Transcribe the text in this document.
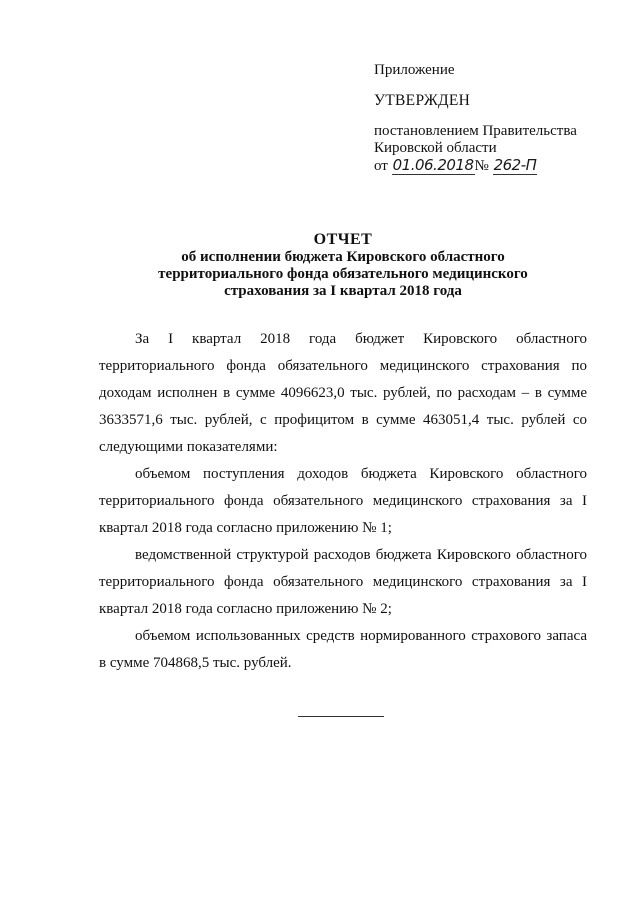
Приложение
УТВЕРЖДЕН
постановлением Правительства
Кировской области
от 01.06.2018№ 262-П
ОТЧЕТ
об исполнении бюджета Кировского областного
территориального фонда обязательного медицинского
страхования за I квартал 2018 года

За I квартал 2018 года бюджет Кировского областного территориального фонда обязательного медицинского страхования по доходам исполнен в сумме 4096623,0 тыс. рублей, по расходам – в сумме 3633571,6 тыс. рублей, с профицитом в сумме 463051,4 тыс. рублей со следующими показателями:

объемом поступления доходов бюджета Кировского областного территориального фонда обязательного медицинского страхования за I квартал 2018 года согласно приложению № 1;

ведомственной структурой расходов бюджета Кировского областного территориального фонда обязательного медицинского страхования за I квартал 2018 года согласно приложению № 2;

объемом использованных средств нормированного страхового запаса в сумме 704868,5 тыс. рублей.
